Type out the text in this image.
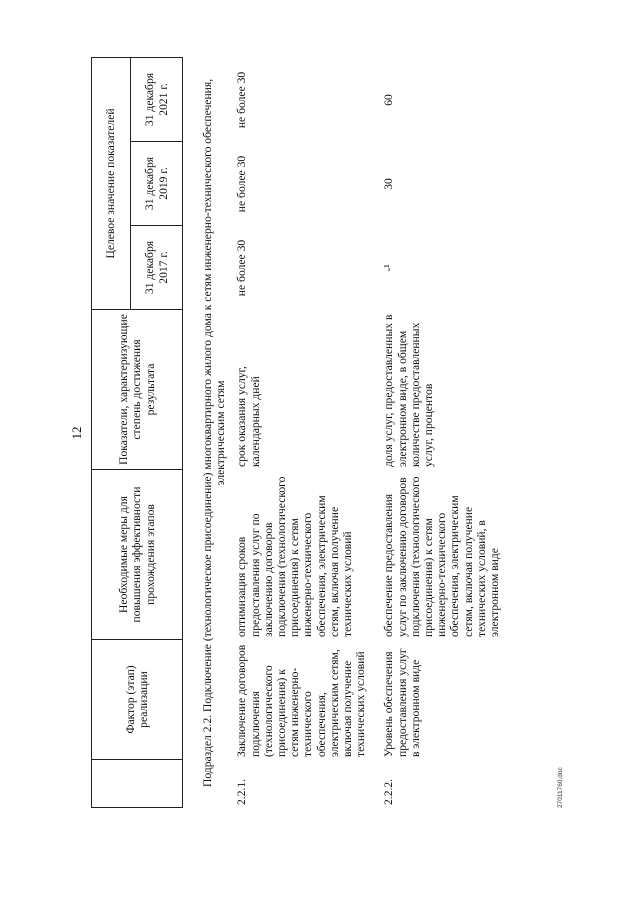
12
	Фактор (этап) реализации	Необходимые меры для повышения эффективности прохождения этапов	Показатели, характеризующие степень достижения результата	Целевое значение показателей		
				31 декабря 2017 г.	31 декабря 2019 г.	31 декабря 2021 г.	Подраздел 2.2. Подключение (технологическое присоединение) многоквартирного жилого дома к сетям инженерно-технического обеспечения, электрическим сетям						
2.2.1.	Заключение договоров подключения (технологического присоединения) к сетям инженерно-технического обеспечения, электрическим сетям, включая получение технических условий	оптимизация сроков предоставления услуг по заключению договоров подключения (технологического присоединения) к сетям инженерно-технического обеспечения, электрическим сетям, включая получение технических условий	срок оказания услуг, календарных дней	не более 30	не более 30	не более 30
2.2.2.	Уровень обеспечения предоставления услуг в электронном виде	обеспечение предоставления услуг по заключению договоров подключения (технологического присоединения) к сетям инженерно-технического обеспечения, электрическим сетям, включая получение технических условий, в электронном виде	доля услуг, предоставленных в электронном виде, в общем количестве предоставленных услуг, процентов	-¹	30	60
27011760.doc
